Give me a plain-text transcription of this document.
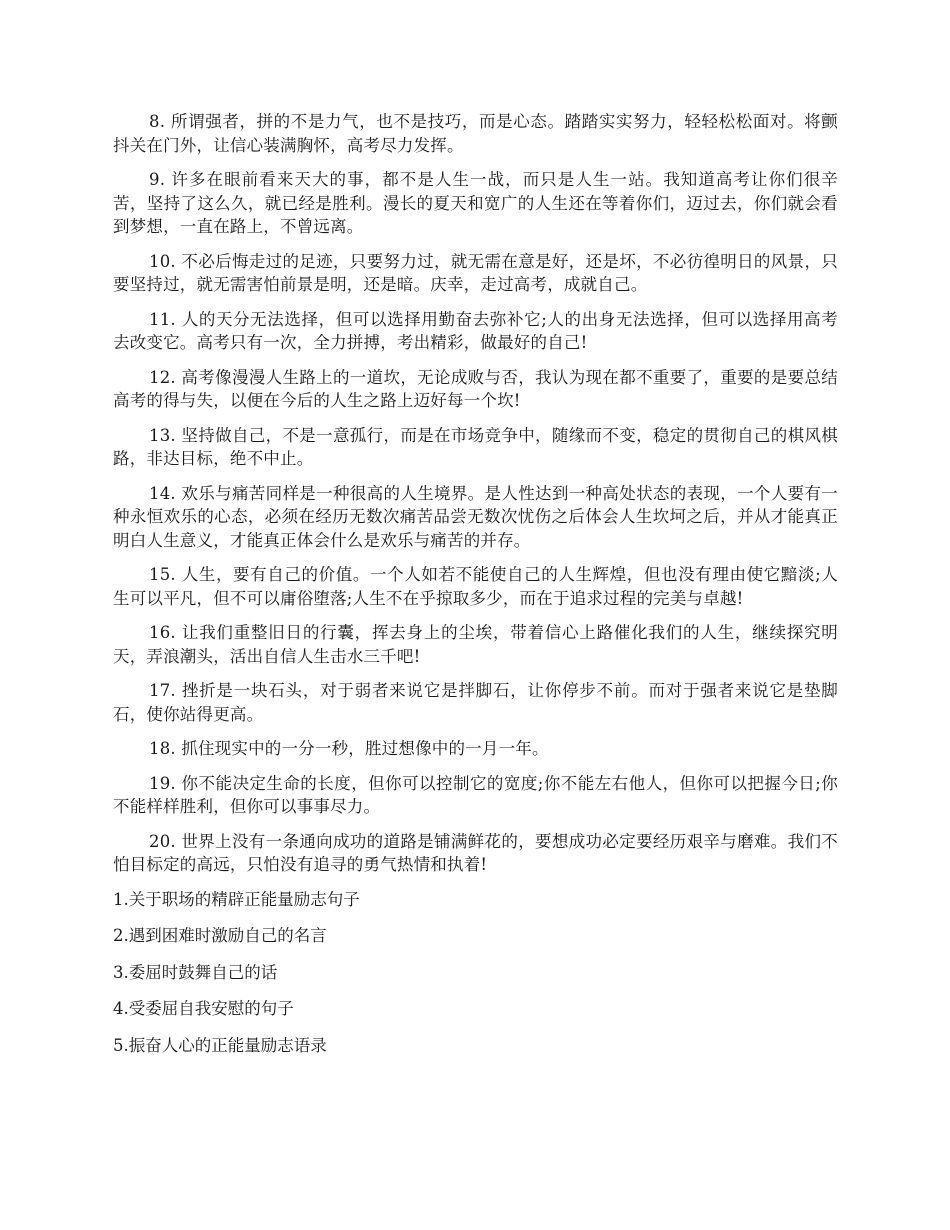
8. 所谓强者，拼的不是力气，也不是技巧，而是心态。踏踏实实努力，轻轻松松面对。将颤抖关在门外，让信心装满胸怀，高考尽力发挥。

9. 许多在眼前看来天大的事，都不是人生一战，而只是人生一站。我知道高考让你们很辛苦，坚持了这么久，就已经是胜利。漫长的夏天和宽广的人生还在等着你们，迈过去，你们就会看到梦想，一直在路上，不曾远离。

10. 不必后悔走过的足迹，只要努力过，就无需在意是好，还是坏，不必彷徨明日的风景，只要坚持过，就无需害怕前景是明，还是暗。庆幸，走过高考，成就自己。

11. 人的天分无法选择，但可以选择用勤奋去弥补它;人的出身无法选择，但可以选择用高考去改变它。高考只有一次，全力拼搏，考出精彩，做最好的自己!

12. 高考像漫漫人生路上的一道坎，无论成败与否，我认为现在都不重要了，重要的是要总结高考的得与失，以便在今后的人生之路上迈好每一个坎!

13. 坚持做自己，不是一意孤行，而是在市场竞争中，随缘而不变，稳定的贯彻自己的棋风棋路，非达目标，绝不中止。

14. 欢乐与痛苦同样是一种很高的人生境界。是人性达到一种高处状态的表现，一个人要有一种永恒欢乐的心态，必须在经历无数次痛苦品尝无数次忧伤之后体会人生坎坷之后，并从才能真正明白人生意义，才能真正体会什么是欢乐与痛苦的并存。

15. 人生，要有自己的价值。一个人如若不能使自己的人生辉煌，但也没有理由使它黯淡;人生可以平凡，但不可以庸俗堕落;人生不在乎掠取多少，而在于追求过程的完美与卓越!

16. 让我们重整旧日的行囊，挥去身上的尘埃，带着信心上路催化我们的人生，继续探究明天，弄浪潮头，活出自信人生击水三千吧!

17. 挫折是一块石头，对于弱者来说它是拌脚石，让你停步不前。而对于强者来说它是垫脚石，使你站得更高。

18. 抓住现实中的一分一秒，胜过想像中的一月一年。

19. 你不能决定生命的长度，但你可以控制它的宽度;你不能左右他人，但你可以把握今日;你不能样样胜利，但你可以事事尽力。

20. 世界上没有一条通向成功的道路是铺满鲜花的，要想成功必定要经历艰辛与磨难。我们不怕目标定的高远，只怕没有追寻的勇气热情和执着!

1.关于职场的精辟正能量励志句子

2.遇到困难时激励自己的名言

3.委屈时鼓舞自己的话

4.受委屈自我安慰的句子

5.振奋人心的正能量励志语录
